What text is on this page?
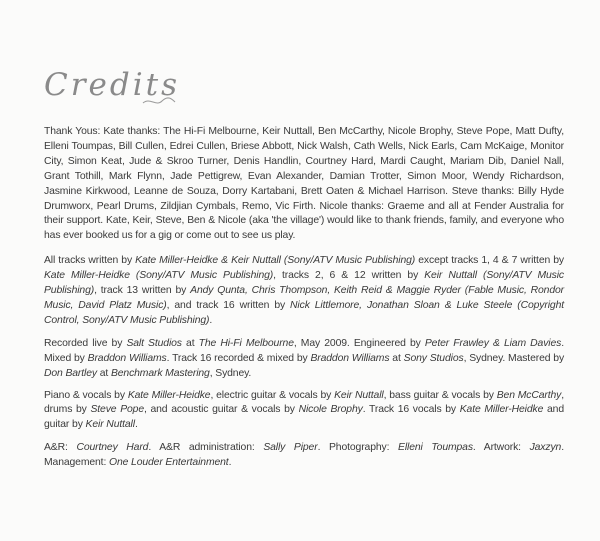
Credits

Thank Yous: Kate thanks: The Hi-Fi Melbourne, Keir Nuttall, Ben McCarthy, Nicole Brophy, Steve Pope, Matt Dufty, Elleni Toumpas, Bill Cullen, Edrei Cullen, Briese Abbott, Nick Walsh, Cath Wells, Nick Earls, Cam McKaige, Monitor City, Simon Keat, Jude & Skroo Turner, Denis Handlin, Courtney Hard, Mardi Caught, Mariam Dib, Daniel Nall, Grant Tothill, Mark Flynn, Jade Pettigrew, Evan Alexander, Damian Trotter, Simon Moor, Wendy Richardson, Jasmine Kirkwood, Leanne de Souza, Dorry Kartabani, Brett Oaten & Michael Harrison. Steve thanks: Billy Hyde Drumworx, Pearl Drums, Zildjian Cymbals, Remo, Vic Firth. Nicole thanks: Graeme and all at Fender Australia for their support. Kate, Keir, Steve, Ben & Nicole (aka 'the village') would like to thank friends, family, and everyone who has ever booked us for a gig or come out to see us play.

All tracks written by Kate Miller-Heidke & Keir Nuttall (Sony/ATV Music Publishing) except tracks 1, 4 & 7 written by Kate Miller-Heidke (Sony/ATV Music Publishing), tracks 2, 6 & 12 written by Keir Nuttall (Sony/ATV Music Publishing), track 13 written by Andy Qunta, Chris Thompson, Keith Reid & Maggie Ryder (Fable Music, Rondor Music, David Platz Music), and track 16 written by Nick Littlemore, Jonathan Sloan & Luke Steele (Copyright Control, Sony/ATV Music Publishing).

Recorded live by Salt Studios at The Hi-Fi Melbourne, May 2009. Engineered by Peter Frawley & Liam Davies. Mixed by Braddon Williams. Track 16 recorded & mixed by Braddon Williams at Sony Studios, Sydney. Mastered by Don Bartley at Benchmark Mastering, Sydney.

Piano & vocals by Kate Miller-Heidke, electric guitar & vocals by Keir Nuttall, bass guitar & vocals by Ben McCarthy, drums by Steve Pope, and acoustic guitar & vocals by Nicole Brophy. Track 16 vocals by Kate Miller-Heidke and guitar by Keir Nuttall.

A&R: Courtney Hard. A&R administration: Sally Piper. Photography: Elleni Toumpas. Artwork: Jaxzyn. Management: One Louder Entertainment.
